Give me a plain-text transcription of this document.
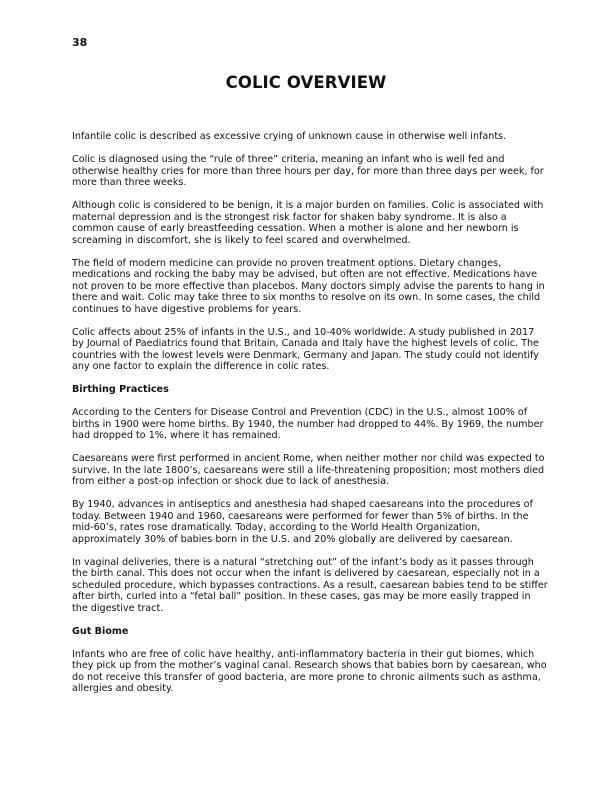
38

COLIC OVERVIEW

Infantile colic is described as excessive crying of unknown cause in otherwise well infants.

Colic is diagnosed using the “rule of three” criteria, meaning an infant who is well fed and otherwise healthy cries for more than three hours per day, for more than three days per week, for more than three weeks.

Although colic is considered to be benign, it is a major burden on families. Colic is associated with maternal depression and is the strongest risk factor for shaken baby syndrome. It is also a common cause of early breastfeeding cessation. When a mother is alone and her newborn is screaming in discomfort, she is likely to feel scared and overwhelmed.

The field of modern medicine can provide no proven treatment options. Dietary changes, medications and rocking the baby may be advised, but often are not effective. Medications have not proven to be more effective than placebos. Many doctors simply advise the parents to hang in there and wait. Colic may take three to six months to resolve on its own. In some cases, the child continues to have digestive problems for years.

Colic affects about 25% of infants in the U.S., and 10-40% worldwide. A study published in 2017 by Journal of Paediatrics found that Britain, Canada and Italy have the highest levels of colic. The countries with the lowest levels were Denmark, Germany and Japan. The study could not identify any one factor to explain the difference in colic rates.

Birthing Practices

According to the Centers for Disease Control and Prevention (CDC) in the U.S., almost 100% of births in 1900 were home births. By 1940, the number had dropped to 44%. By 1969, the number had dropped to 1%, where it has remained.

Caesareans were first performed in ancient Rome, when neither mother nor child was expected to survive. In the late 1800’s, caesareans were still a life-threatening proposition; most mothers died from either a post-op infection or shock due to lack of anesthesia.

By 1940, advances in antiseptics and anesthesia had shaped caesareans into the procedures of today. Between 1940 and 1960, caesareans were performed for fewer than 5% of births. In the mid-60’s, rates rose dramatically. Today, according to the World Health Organization, approximately 30% of babies born in the U.S. and 20% globally are delivered by caesarean.

In vaginal deliveries, there is a natural “stretching out” of the infant’s body as it passes through the birth canal. This does not occur when the infant is delivered by caesarean, especially not in a scheduled procedure, which bypasses contractions. As a result, caesarean babies tend to be stiffer after birth, curled into a “fetal ball” position. In these cases, gas may be more easily trapped in the digestive tract.

Gut Biome

Infants who are free of colic have healthy, anti-inflammatory bacteria in their gut biomes, which they pick up from the mother’s vaginal canal. Research shows that babies born by caesarean, who do not receive this transfer of good bacteria, are more prone to chronic ailments such as asthma, allergies and obesity.
